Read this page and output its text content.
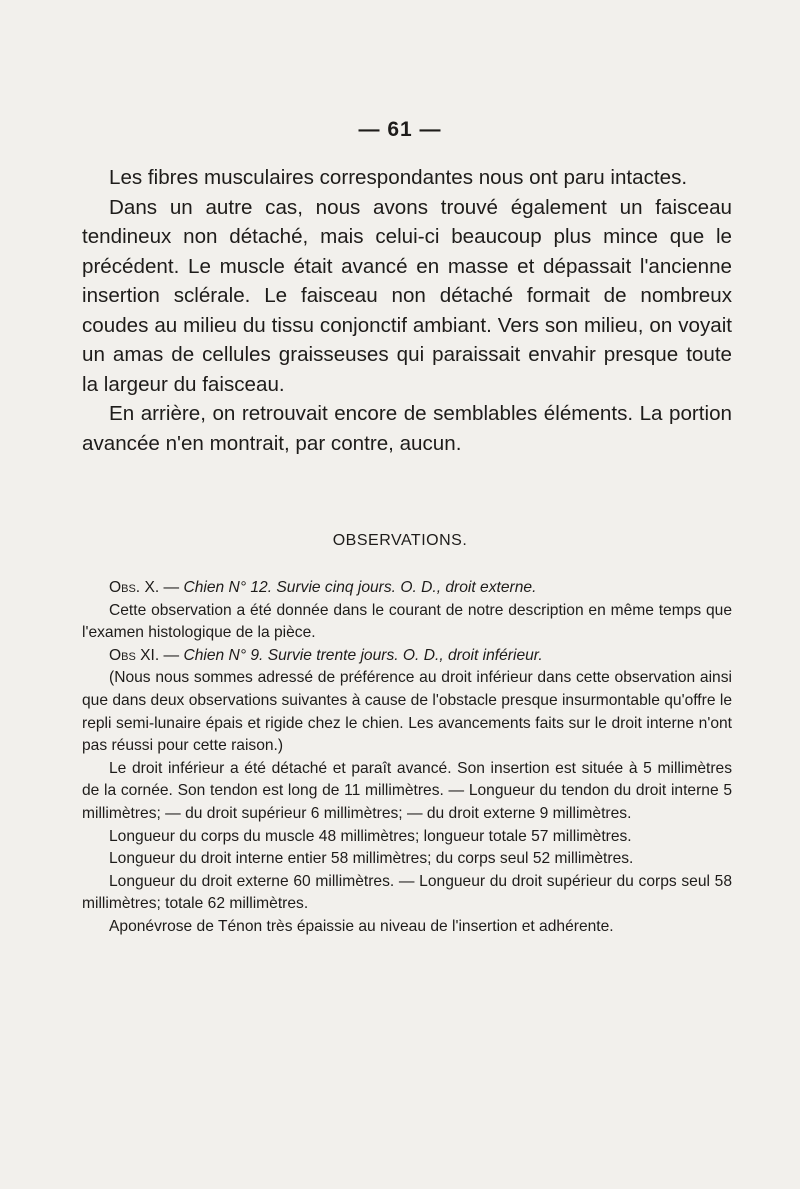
— 61 —

Les fibres musculaires correspondantes nous ont paru intactes.

Dans un autre cas, nous avons trouvé également un faisceau tendineux non détaché, mais celui-ci beaucoup plus mince que le précédent. Le muscle était avancé en masse et dépassait l'ancienne insertion sclérale. Le faisceau non détaché formait de nombreux coudes au milieu du tissu conjonctif ambiant. Vers son milieu, on voyait un amas de cellules graisseuses qui paraissait envahir presque toute la largeur du faisceau.

En arrière, on retrouvait encore de semblables éléments. La portion avancée n'en montrait, par contre, aucun.

OBSERVATIONS.

Obs. X. — Chien N° 12. Survie cinq jours. O. D., droit externe.

Cette observation a été donnée dans le courant de notre description en même temps que l'examen histologique de la pièce.

Obs XI. — Chien N° 9. Survie trente jours. O. D., droit inférieur.

(Nous nous sommes adressé de préférence au droit inférieur dans cette observation ainsi que dans deux observations suivantes à cause de l'obstacle presque insurmontable qu'offre le repli semi-lunaire épais et rigide chez le chien. Les avancements faits sur le droit interne n'ont pas réussi pour cette raison.)

Le droit inférieur a été détaché et paraît avancé. Son insertion est située à 5 millimètres de la cornée. Son tendon est long de 11 millimètres. — Longueur du tendon du droit interne 5 millimètres; — du droit supérieur 6 millimètres; — du droit externe 9 millimètres.

Longueur du corps du muscle 48 millimètres; longueur totale 57 millimètres.

Longueur du droit interne entier 58 millimètres; du corps seul 52 millimètres.

Longueur du droit externe 60 millimètres. — Longueur du droit supérieur du corps seul 58 millimètres; totale 62 millimètres.

Aponévrose de Ténon très épaissie au niveau de l'insertion et adhérente.
